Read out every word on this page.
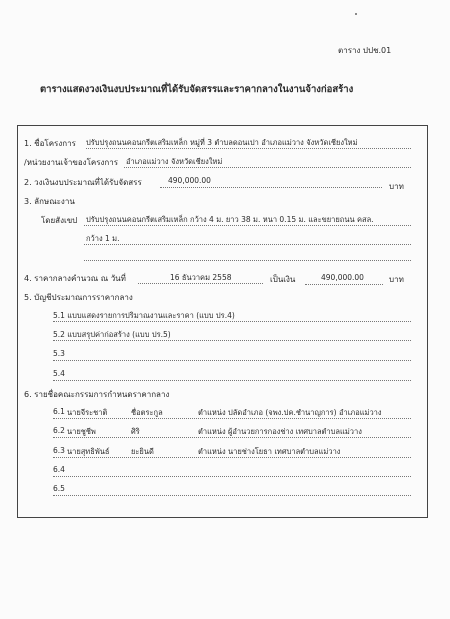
ตาราง ปปช.01
ตารางแสดงวงเงินงบประมาณที่ได้รับจัดสรรและราคากลางในงานจ้างก่อสร้าง
1. ชื่อโครงการ ปรับปรุงถนนคอนกรีตเสริมเหล็ก หมู่ที่ 3 ตำบลดอนเปา อำเภอแม่วาง จังหวัดเชียงใหม่
/หน่วยงานเจ้าของโครงการ อำเภอแม่วาง จังหวัดเชียงใหม่
2. วงเงินงบประมาณที่ได้รับจัดสรร	490,000.00
บาท
3. ลักษณะงาน
โดยสังเขป ปรับปรุงถนนคอนกรีตเสริมเหล็ก กว้าง 4 ม. ยาว 38 ม. หนา 0.15 ม. และขยายถนน คสล.
กว้าง 1 ม.
4. ราคากลางคำนวณ ณ วันที่	16 ธันวาคม 2558	เป็นเงิน	490,000.00	บาท
5. บัญชีประมาณการราคากลาง
5.1 แบบแสดงรายการปริมาณงานและราคา (แบบ ปร.4)
5.2 แบบสรุปค่าก่อสร้าง (แบบ ปร.5)
5.3
5.4
6. รายชื่อคณะกรรมการกำหนดราคากลาง
6.1 นายจีระชาติ	ชื่อตระกูล	ตำแหน่ง ปลัดอำเภอ (จพง.ปค.ชำนาญการ) อำเภอแม่วาง
6.2 นายชูชีพ	ศิริ	ตำแหน่ง ผู้อำนวยการกองช่าง เทศบาลตำบลแม่วาง
6.3 นายสุทธิพันธ์	ยะยินดี	ตำแหน่ง นายช่างโยธา เทศบาลตำบลแม่วาง
6.4
6.5
